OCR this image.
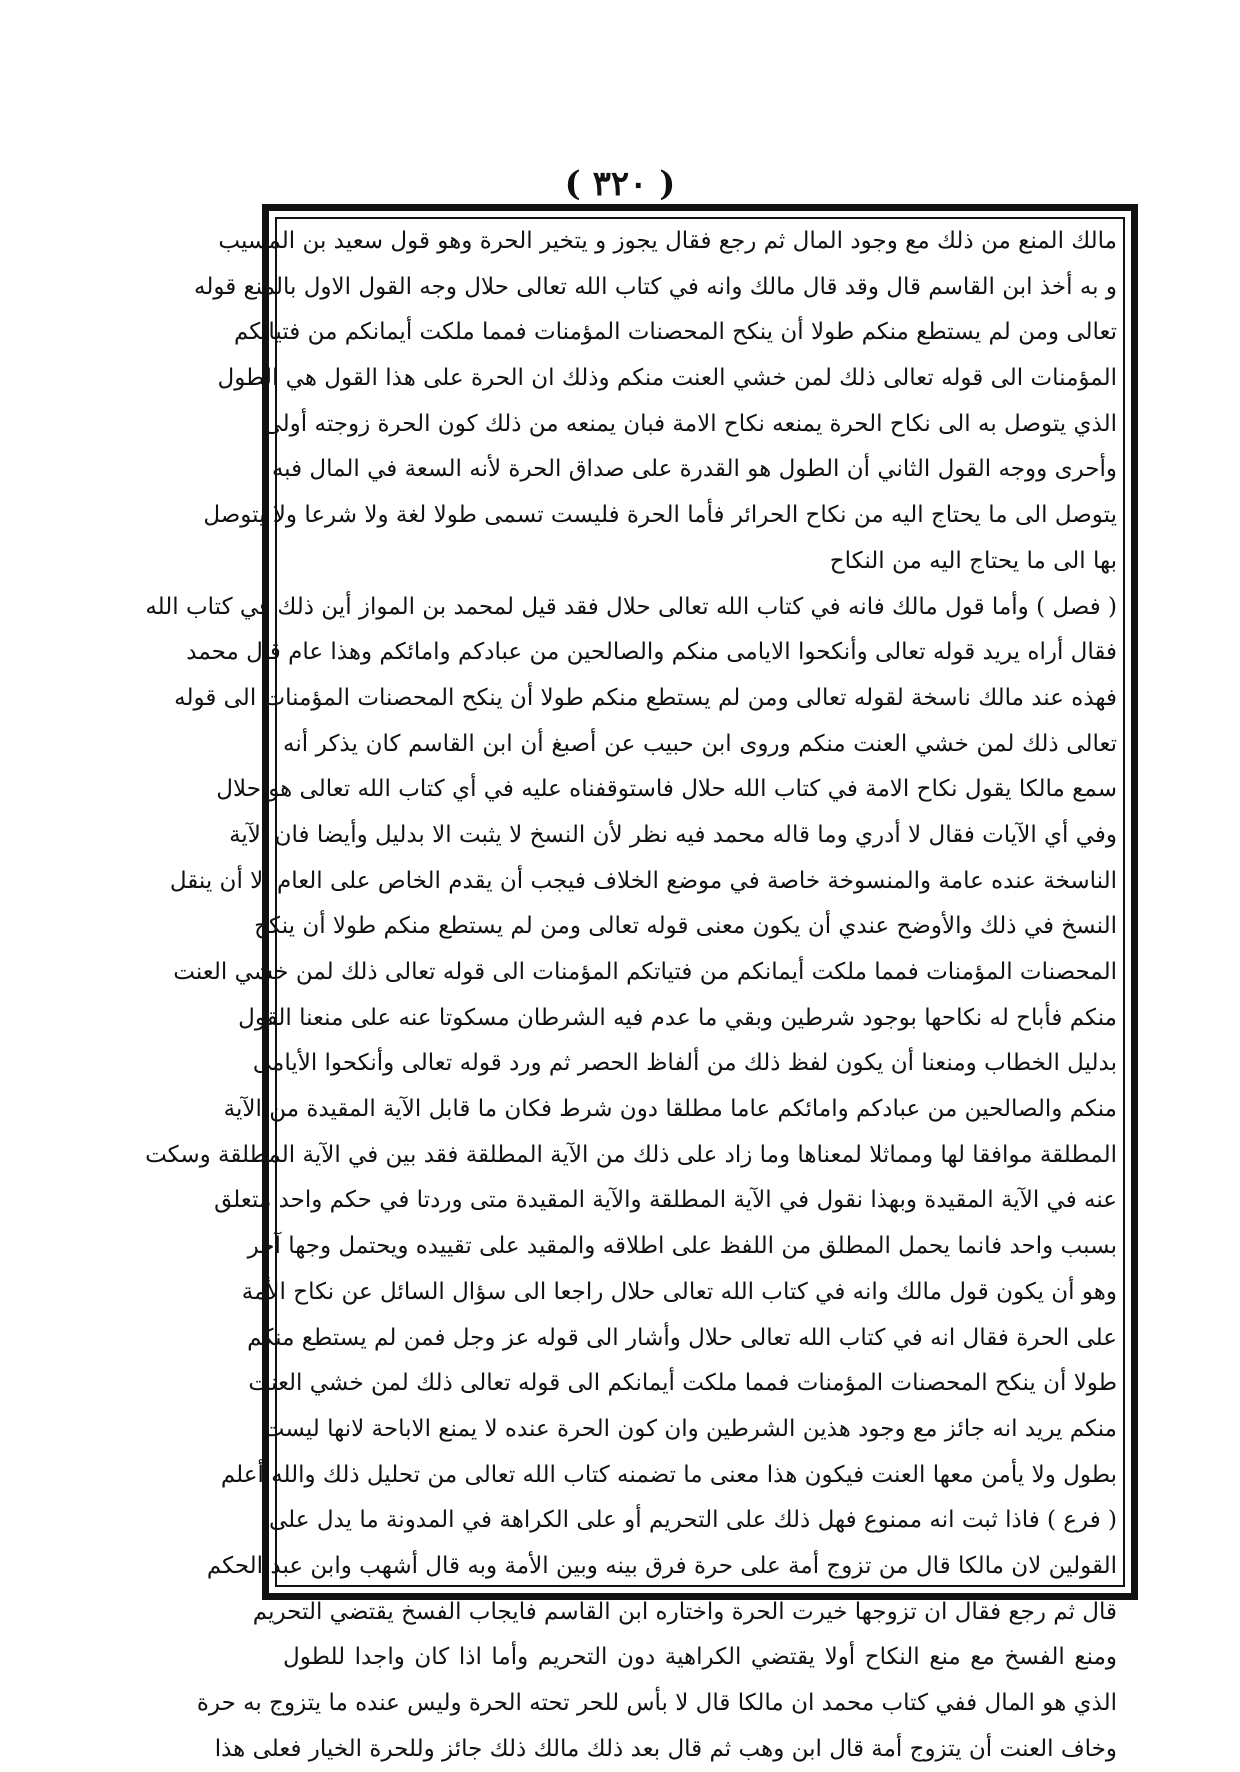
( ٣٢٠ )
مالك المنع من ذلك مع وجود المال ثم رجع فقال يجوز و يتخير الحرة وهو قول سعيد بن المسيب
و به أخذ ابن القاسم قال وقد قال مالك وانه في كتاب الله تعالى حلال وجه القول الاول بالمنع قوله
تعالى ومن لم يستطع منكم طولا أن ينكح المحصنات المؤمنات فمما ملكت أيمانكم من فتياتكم
المؤمنات الى قوله تعالى ذلك لمن خشي العنت منكم وذلك ان الحرة على هذا القول هي الطول
الذي يتوصل به الى نكاح الحرة يمنعه نكاح الامة فبان يمنعه من ذلك كون الحرة زوجته أولى
وأحرى ووجه القول الثاني أن الطول هو القدرة على صداق الحرة لأنه السعة في المال فبه
يتوصل الى ما يحتاج اليه من نكاح الحرائر فأما الحرة فليست تسمى طولا لغة ولا شرعا ولا يتوصل
بها الى ما يحتاج اليه من النكاح
( فصل ) وأما قول مالك فانه في كتاب الله تعالى حلال فقد قيل لمحمد بن المواز أين ذلك في كتاب الله
فقال أراه يريد قوله تعالى وأنكحوا الايامى منكم والصالحين من عبادكم وامائكم وهذا عام قال محمد
فهذه عند مالك ناسخة لقوله تعالى ومن لم يستطع منكم طولا أن ينكح المحصنات المؤمنات الى قوله
تعالى ذلك لمن خشي العنت منكم وروى ابن حبيب عن أصبغ أن ابن القاسم كان يذكر أنه
سمع مالكا يقول نكاح الامة في كتاب الله حلال فاستوقفناه عليه في أي كتاب الله تعالى هو حلال
وفي أي الآيات فقال لا أدري وما قاله محمد فيه نظر لأن النسخ لا يثبت الا بدليل وأيضا فان الآية
الناسخة عنده عامة والمنسوخة خاصة في موضع الخلاف فيجب أن يقدم الخاص على العام الا أن ينقل
النسخ في ذلك والأوضح عندي أن يكون معنى قوله تعالى ومن لم يستطع منكم طولا أن ينكح
المحصنات المؤمنات فمما ملكت أيمانكم من فتياتكم المؤمنات الى قوله تعالى ذلك لمن خشي العنت
منكم فأباح له نكاحها بوجود شرطين وبقي ما عدم فيه الشرطان مسكوتا عنه على منعنا القول
بدليل الخطاب ومنعنا أن يكون لفظ ذلك من ألفاظ الحصر ثم ورد قوله تعالى وأنكحوا الأيامى
منكم والصالحين من عبادكم وامائكم عاما مطلقا دون شرط فكان ما قابل الآية المقيدة من الآية
المطلقة موافقا لها ومماثلا لمعناها وما زاد على ذلك من الآية المطلقة فقد بين في الآية المطلقة وسكت
عنه في الآية المقيدة وبهذا نقول في الآية المطلقة والآية المقيدة متى وردتا في حكم واحد متعلق
بسبب واحد فانما يحمل المطلق من اللفظ على اطلاقه والمقيد على تقييده ويحتمل وجها آخر
وهو أن يكون قول مالك وانه في كتاب الله تعالى حلال راجعا الى سؤال السائل عن نكاح الأمة
على الحرة فقال انه في كتاب الله تعالى حلال وأشار الى قوله عز وجل فمن لم يستطع منكم
طولا أن ينكح المحصنات المؤمنات فمما ملكت أيمانكم الى قوله تعالى ذلك لمن خشي العنت
منكم يريد انه جائز مع وجود هذين الشرطين وان كون الحرة عنده لا يمنع الاباحة لانها ليست
بطول ولا يأمن معها العنت فيكون هذا معنى ما تضمنه كتاب الله تعالى من تحليل ذلك والله أعلم
( فرع ) فاذا ثبت انه ممنوع فهل ذلك على التحريم أو على الكراهة في المدونة ما يدل على
القولين لان مالكا قال من تزوج أمة على حرة فرق بينه وبين الأمة وبه قال أشهب وابن عبد الحكم
قال ثم رجع فقال ان تزوجها خيرت الحرة واختاره ابن القاسم فايجاب الفسخ يقتضي التحريم
ومنع الفسخ مع منع النكاح أولا يقتضي الكراهية دون التحريم وأما اذا كان واجدا للطول
الذي هو المال ففي كتاب محمد ان مالكا قال لا بأس للحر تحته الحرة وليس عنده ما يتزوج به حرة
وخاف العنت أن يتزوج أمة قال ابن وهب ثم قال بعد ذلك مالك ذلك جائز وللحرة الخيار فعلى هذا
